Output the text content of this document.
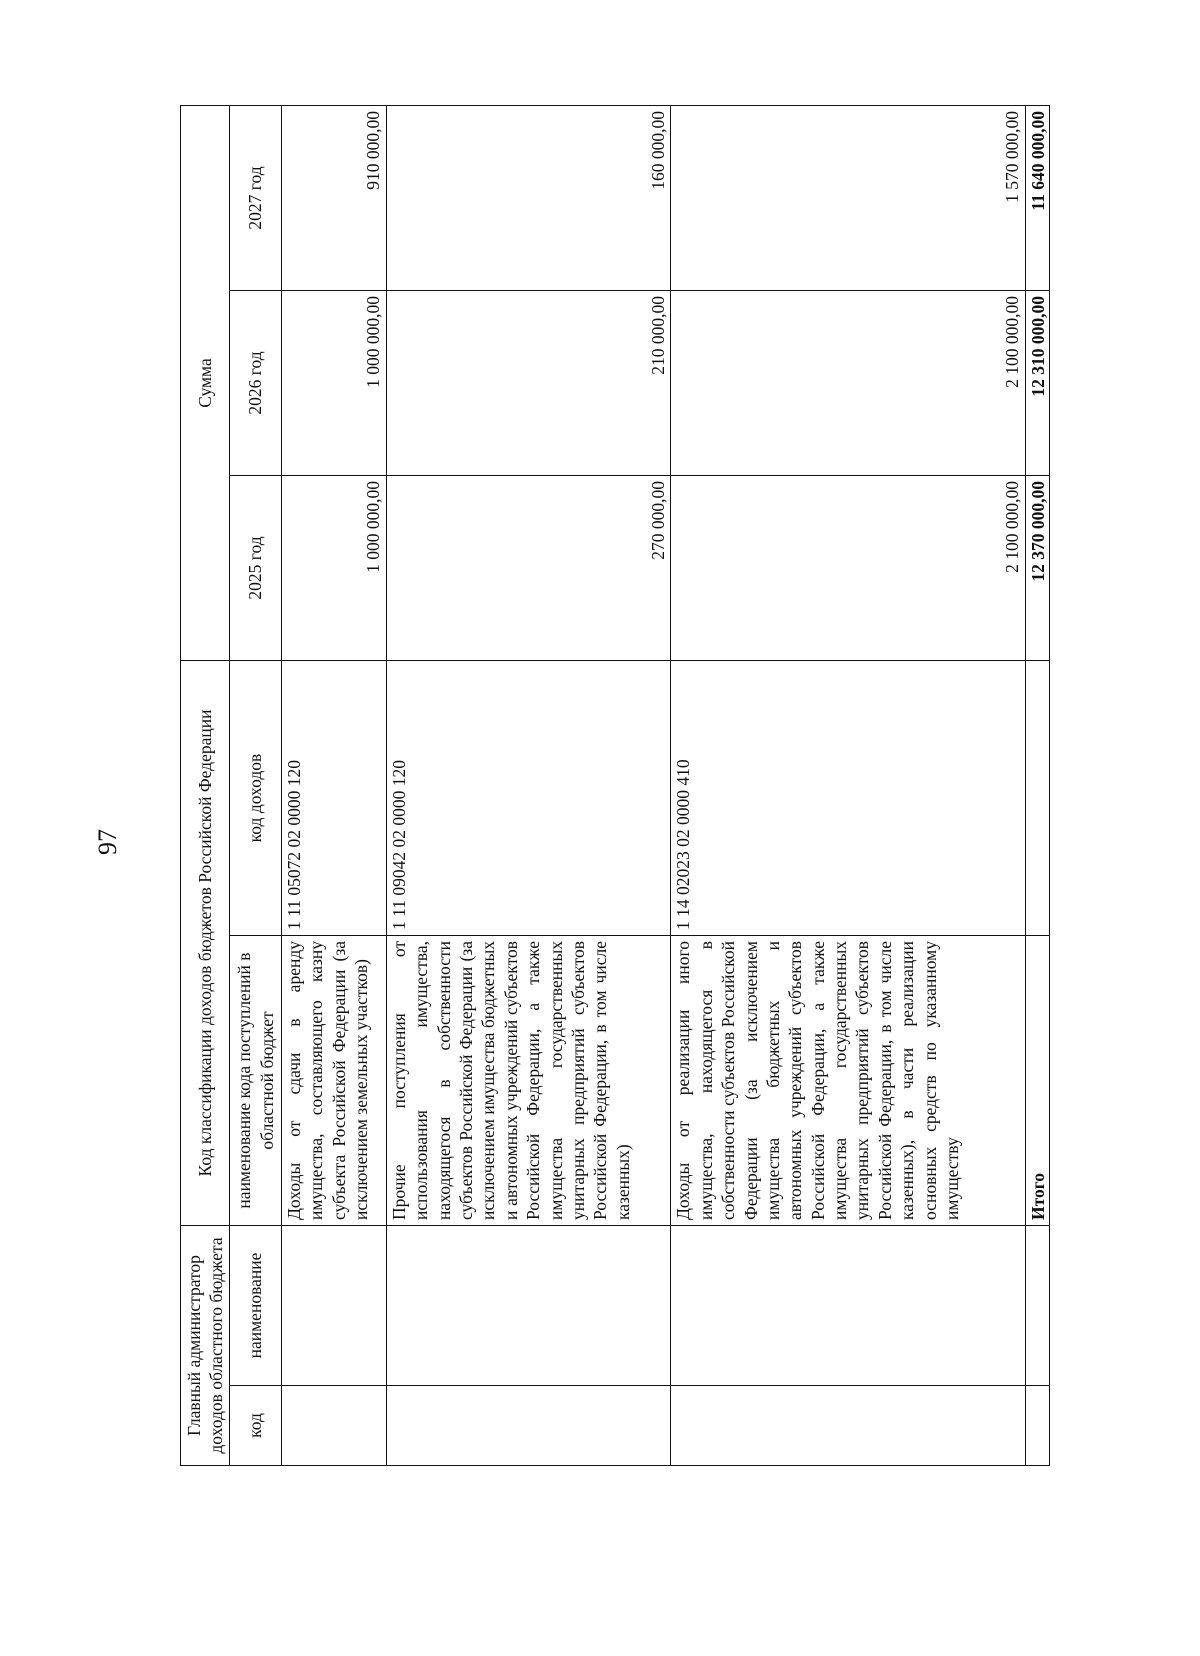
97
Главный администратор доходов областного бюджета		Код классификации доходов бюджетов Российской Федерации		Сумма		
код	наименование	наименование кода поступлений в областной бюджет	код доходов	2025 год	2026 год	2027 год
		Доходы от сдачи в аренду имущества, составляющего казну субъекта Российской Федерации (за исключением земельных участков)	1 11 05072 02 0000 120	1 000 000,00	1 000 000,00	910 000,00
		Прочие поступления от использования имущества, находящегося в собственности субъектов Российской Федерации (за исключением имущества бюджетных и автономных учреждений субъектов Российской Федерации, а также имущества государственных унитарных предприятий субъектов Российской Федерации, в том числе казенных)	1 11 09042 02 0000 120	270 000,00	210 000,00	160 000,00
		Доходы от реализации иного имущества, находящегося в собственности субъектов Российской Федерации (за исключением имущества бюджетных и автономных учреждений субъектов Российской Федерации, а также имущества государственных унитарных предприятий субъектов Российской Федерации, в том числе казенных), в части реализации основных средств по указанному имуществу	1 14 02023 02 0000 410	2 100 000,00	2 100 000,00	1 570 000,00
		Итого		12 370 000,00	12 310 000,00	11 640 000,00
